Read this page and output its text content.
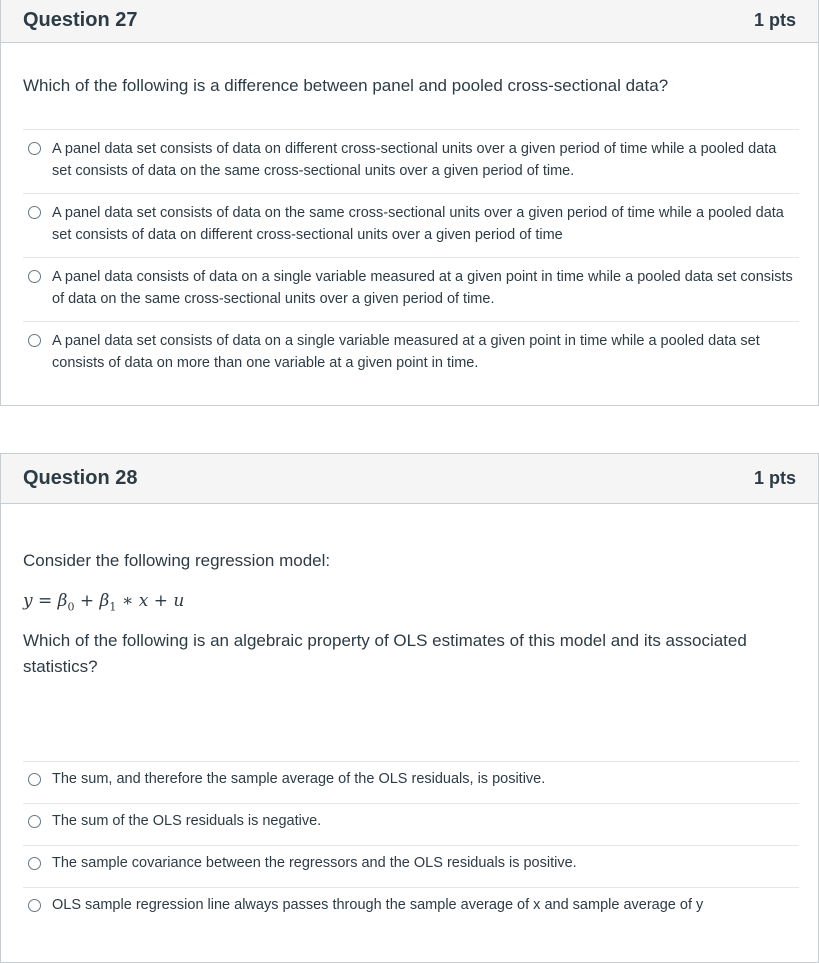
Question 27	1 pts
Which of the following is a difference between panel and pooled cross-sectional data?
A panel data set consists of data on different cross-sectional units over a given period of time while a pooled data set consists of data on the same cross-sectional units over a given period of time.
A panel data set consists of data on the same cross-sectional units over a given period of time while a pooled data set consists of data on different cross-sectional units over a given period of time
A panel data consists of data on a single variable measured at a given point in time while a pooled data set consists of data on the same cross-sectional units over a given period of time.
A panel data set consists of data on a single variable measured at a given point in time while a pooled data set consists of data on more than one variable at a given point in time.
Question 28	1 pts
Consider the following regression model:
$y = \beta_0 + \beta_1$ ∗ x + u
Which of the following is an algebraic property of OLS estimates of this model and its associated statistics?
The sum, and therefore the sample average of the OLS residuals, is positive.
The sum of the OLS residuals is negative.
The sample covariance between the regressors and the OLS residuals is positive.
OLS sample regression line always passes through the sample average of x and sample average of y
